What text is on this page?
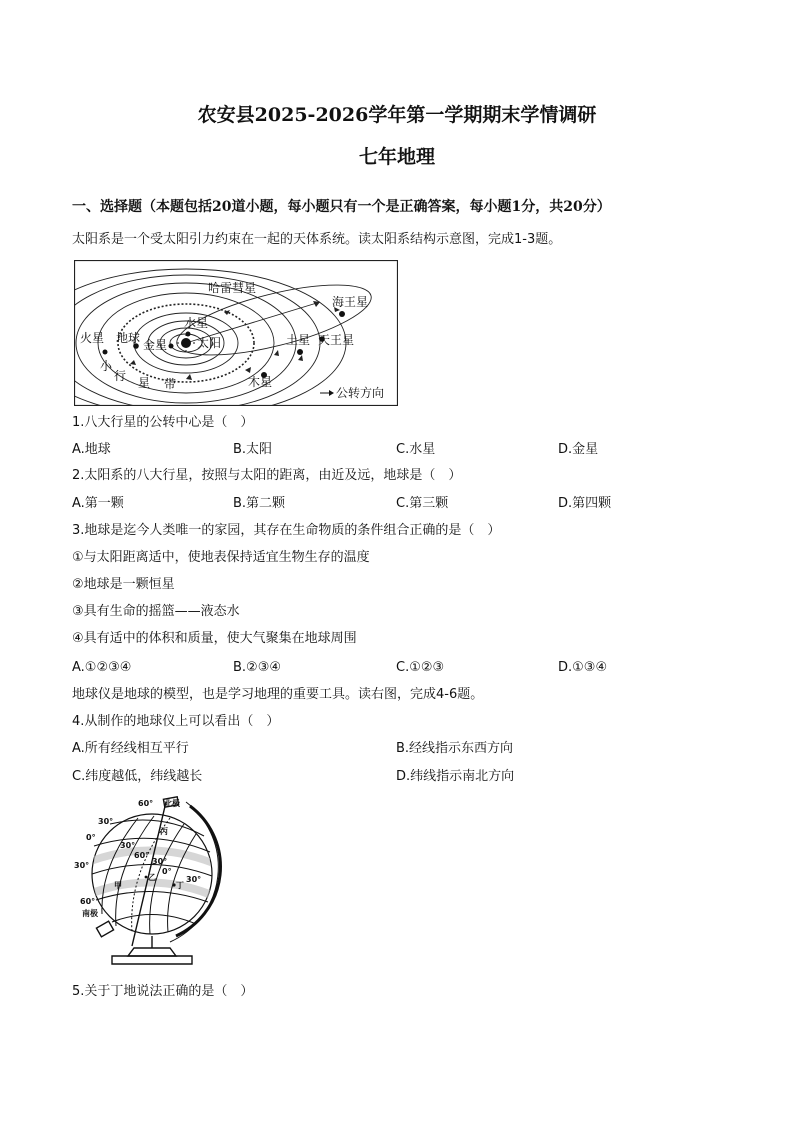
农安县2025-2026学年第一学期期末学情调研
七年地理
一、选择题（本题包括20道小题，每小题只有一个是正确答案，每小题1分，共20分）
太阳系是一个受太阳引力约束在一起的天体系统。读太阳系结构示意图，完成1-3题。
哈雷彗星
海王星
水星
火星 地球 金星 太阳	土星 天王星
小
行 星 带	木星
公转方向
1.八大行星的公转中心是（　）
A.地球	B.太阳	C.水星	D.金星
2.太阳系的八大行星，按照与太阳的距离，由近及远，地球是（　）
A.第一颗	B.第二颗	C.第三颗	D.第四颗
3.地球是迄今人类唯一的家园，其存在生命物质的条件组合正确的是（　）
①与太阳距离适中，使地表保持适宜生物生存的温度
②地球是一颗恒星
③具有生命的摇篮——液态水
④具有适中的体积和质量，使大气聚集在地球周围
A.①②③④	B.②③④	C.①②③	D.①③④
地球仪是地球的模型，也是学习地理的重要工具。读右图，完成4-6题。
4.从制作的地球仪上可以看出（　）
A.所有经线相互平行	B.经线指示东西方向
C.纬度越低，纬线越长	D.纬线指示南北方向
60° 北极
30°
0°
30°
60°
南极
丙
乙
甲	丁
60°
30°
0°
30°
30°
5.关于丁地说法正确的是（　）
